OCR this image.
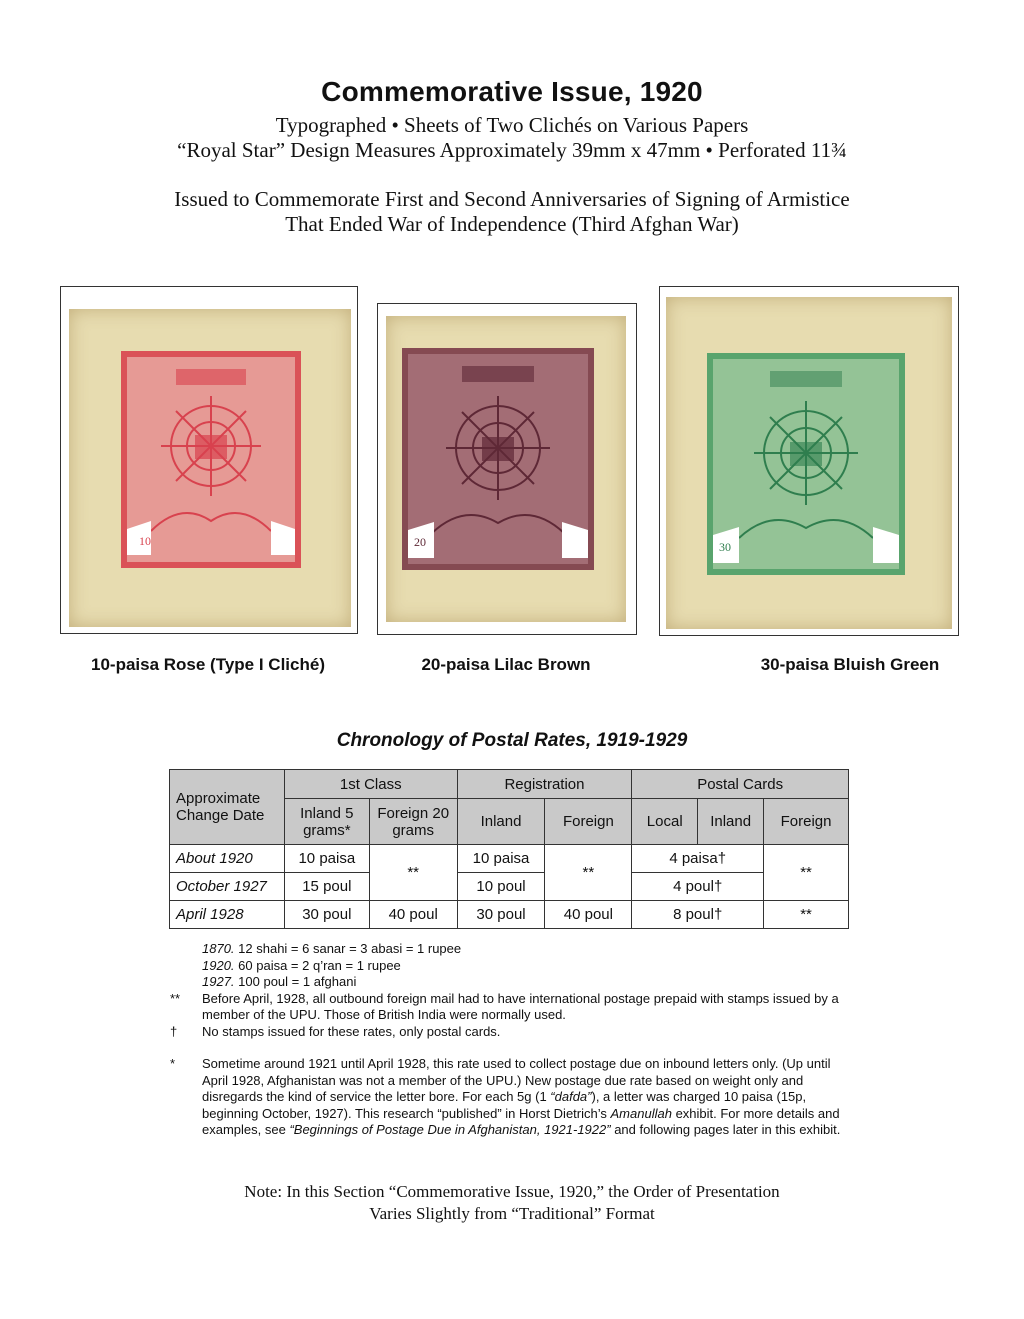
Commemorative Issue, 1920
Typographed • Sheets of Two Clichés on Various Papers
“Royal Star” Design Measures Approximately 39mm x 47mm • Perforated 11¾
Issued to Commemorate First and Second Anniversaries of Signing of Armistice
That Ended War of Independence (Third Afghan War)
10
10-paisa Rose (Type I Cliché)
20
20-paisa Lilac Brown
30
30-paisa Bluish Green
Chronology of Postal Rates, 1919-1929
Approximate Change Date	1st Class		Registration		Postal Cards		
	Inland 5 grams*	Foreign 20 grams	Inland	Foreign	Local	Inland	Foreign
About 1920	10 paisa	**	10 paisa	**	4 paisa†		**
October 1927	15 poul		10 poul		4 poul†		
April 1928	30 poul	40 poul	30 poul	40 poul	8 poul†		**
1870. 12 shahi = 6 sanar = 3 abasi = 1 rupee
1920. 60 paisa = 2 q’ran = 1 rupee
1927. 100 poul = 1 afghani
**	Before April, 1928, all outbound foreign mail had to have international postage prepaid with stamps issued by a member of the UPU. Those of British India were normally used.
†	No stamps issued for these rates, only postal cards.
*	Sometime around 1921 until April 1928, this rate used to collect postage due on inbound letters only. (Up until April 1928, Afghanistan was not a member of the UPU.) New postage due rate based on weight only and disregards the kind of service the letter bore. For each 5g (1 “dafda”), a letter was charged 10 paisa (15p, beginning October, 1927). This research “published” in Horst Dietrich’s Amanullah exhibit. For more details and examples, see “Beginnings of Postage Due in Afghanistan, 1921-1922” and following pages later in this exhibit.
Note: In this Section “Commemorative Issue, 1920,” the Order of Presentation
Varies Slightly from “Traditional” Format
